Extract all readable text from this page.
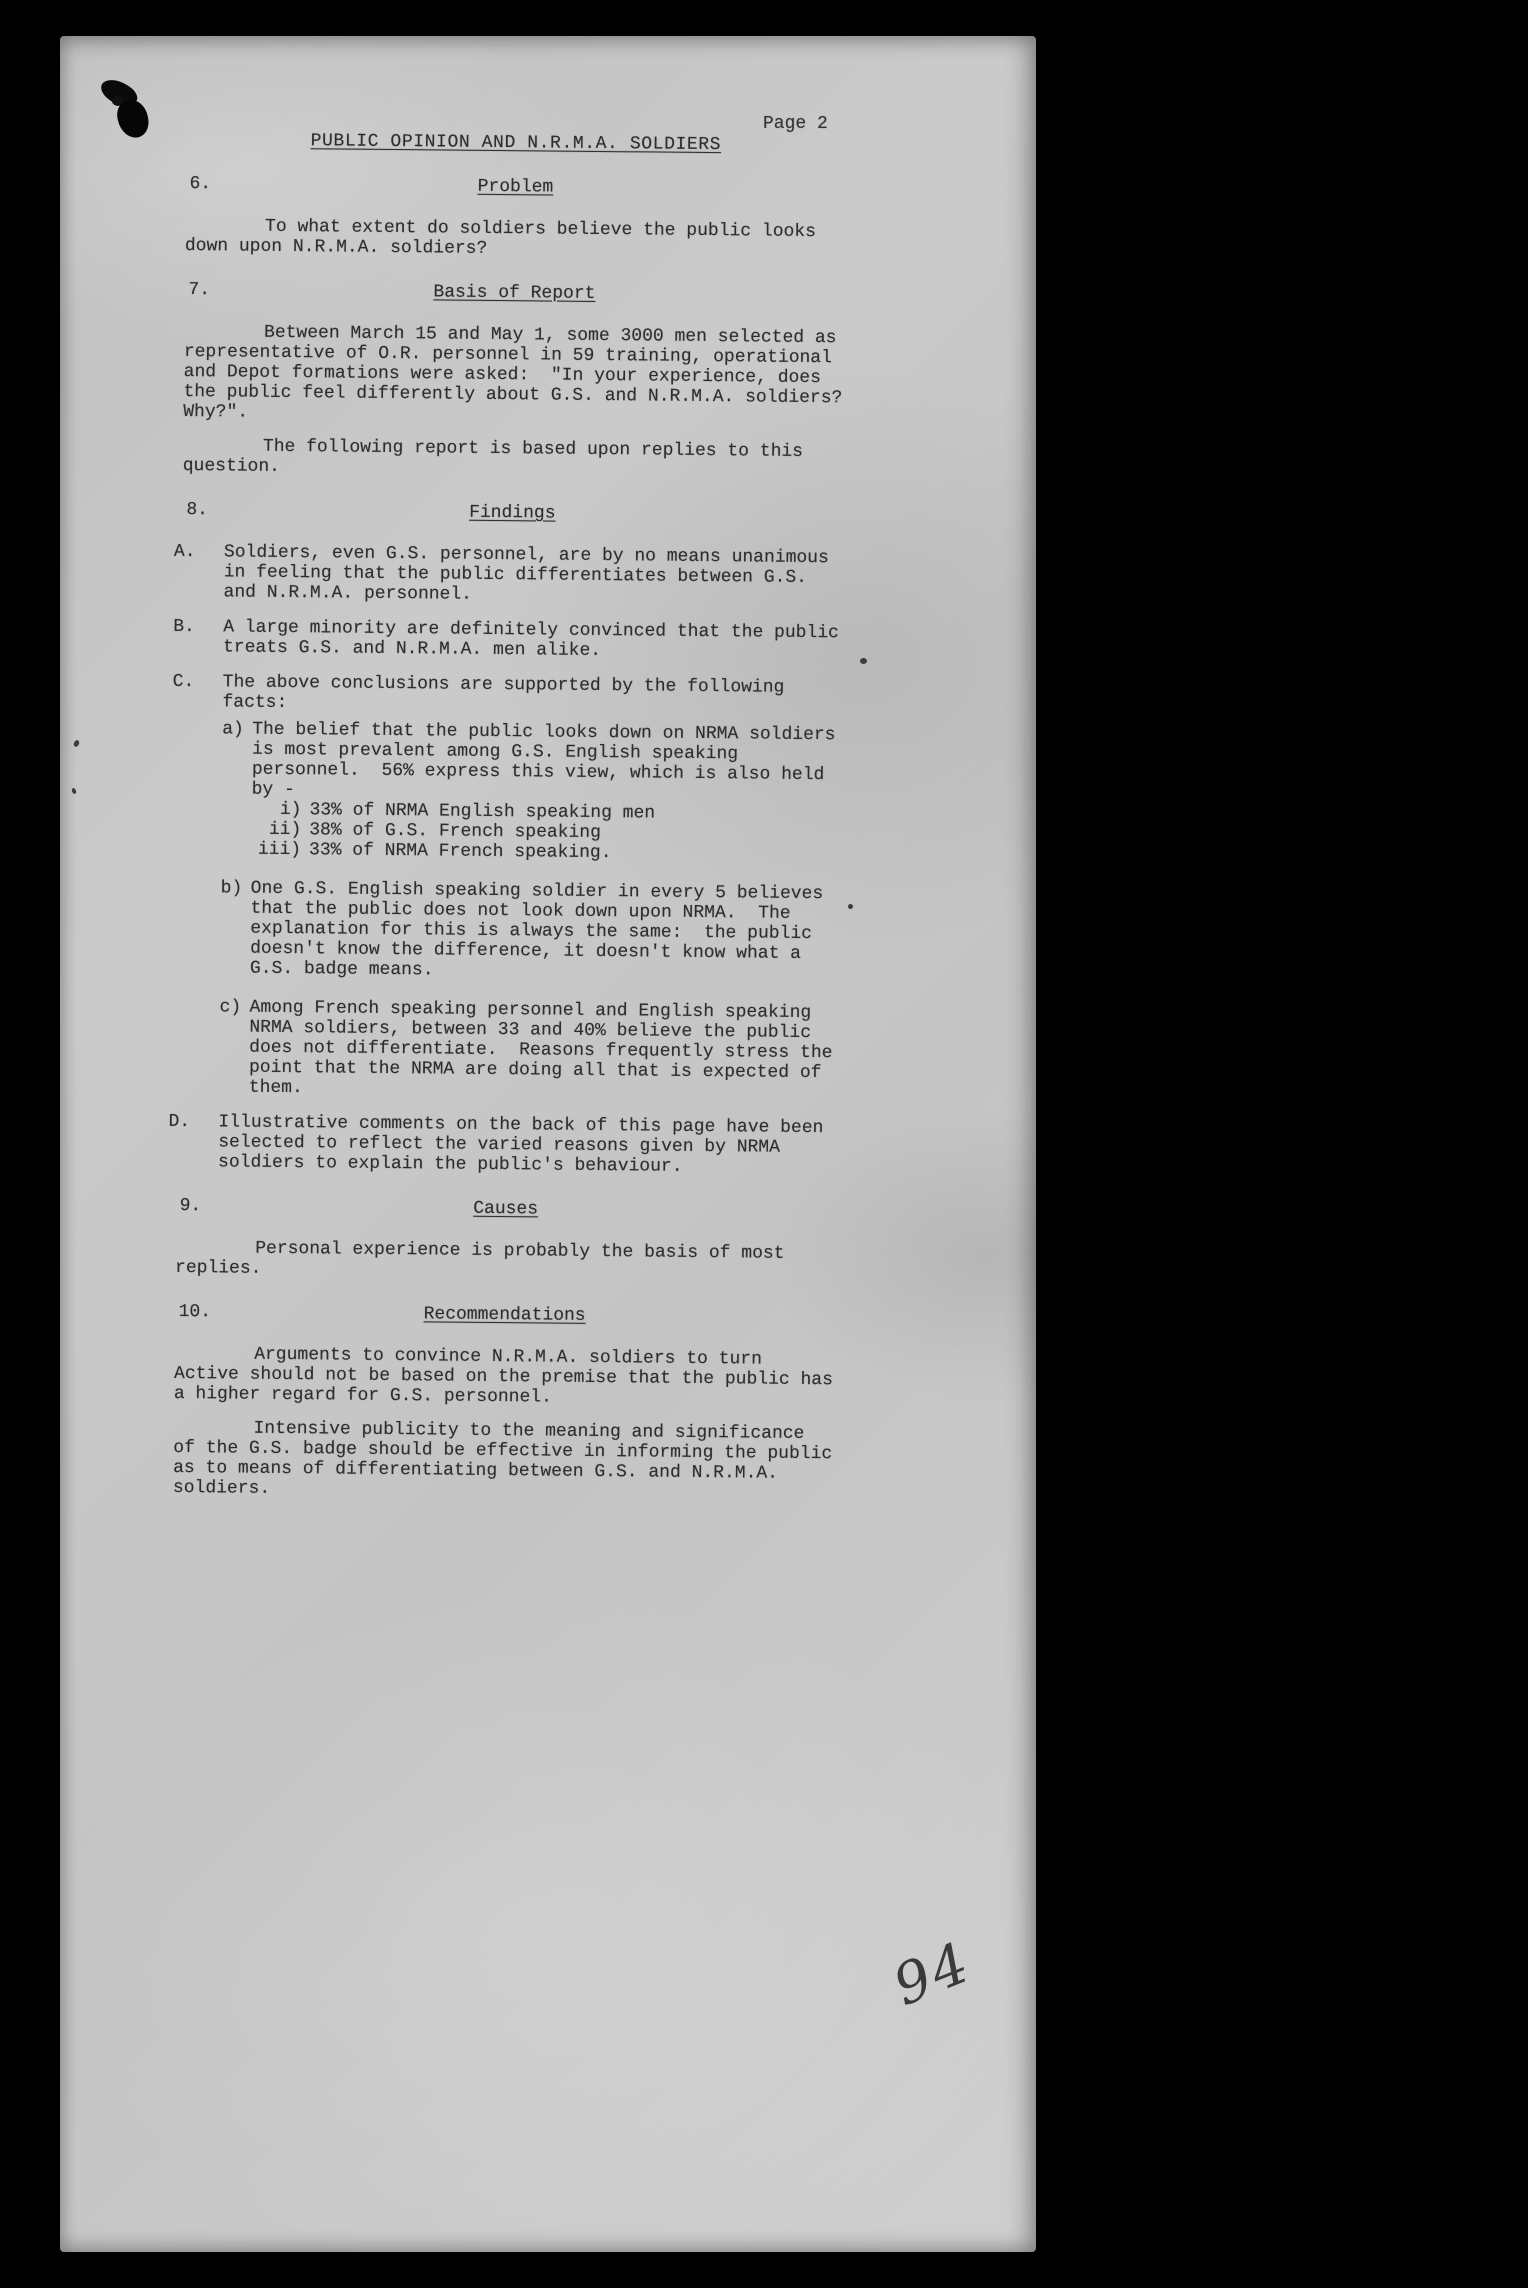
Page 2
PUBLIC OPINION AND N.R.M.A. SOLDIERS
6.	Problem

To what extent do soldiers believe the public looks down upon N.R.M.A. soldiers?

7.	Basis of Report

Between March 15 and May 1, some 3000 men selected as representative of O.R. personnel in 59 training, operational and Depot formations were asked:  "In your experience, does the public feel differently about G.S. and N.R.M.A. soldiers?  Why?".

The following report is based upon replies to this question.

8.	Findings
A. Soldiers, even G.S. personnel, are by no means unanimous in feeling that the public differentiates between G.S. and N.R.M.A. personnel.
B. A large minority are definitely convinced that the public treats G.S. and N.R.M.A. men alike.
C. The above conclusions are supported by the following facts:
a) The belief that the public looks down on NRMA soldiers is most prevalent among G.S. English speaking personnel.  56% express this view, which is also held by -
i) 33% of NRMA English speaking men
ii) 38% of G.S. French speaking
iii) 33% of NRMA French speaking.
b) One G.S. English speaking soldier in every 5 believes that the public does not look down upon NRMA.  The explanation for this is always the same:  the public doesn't know the difference, it doesn't know what a G.S. badge means.
c) Among French speaking personnel and English speaking NRMA soldiers, between 33 and 40% believe the public does not differentiate.  Reasons frequently stress the point that the NRMA are doing all that is expected of them.
D. Illustrative comments on the back of this page have been selected to reflect the varied reasons given by NRMA soldiers to explain the public's behaviour.
9.	Causes

Personal experience is probably the basis of most replies.

10.	Recommendations

Arguments to convince N.R.M.A. soldiers to turn Active should not be based on the premise that the public has a higher regard for G.S. personnel.

Intensive publicity to the meaning and significance of the G.S. badge should be effective in informing the public as to means of differentiating between G.S. and N.R.M.A. soldiers.

94
